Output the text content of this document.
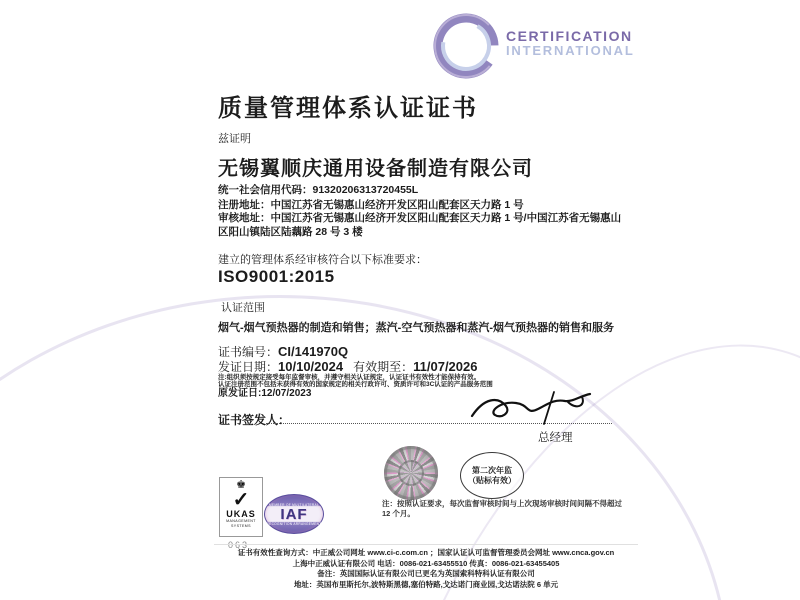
CERTIFICATION
INTERNATIONAL
质量管理体系认证证书
兹证明
无锡翼顺庆通用设备制造有限公司
统一社会信用代码：91320206313720455L
注册地址：中国江苏省无锡惠山经济开发区阳山配套区天力路 1 号
审核地址：中国江苏省无锡惠山经济开发区阳山配套区天力路 1 号/中国江苏省无锡惠山区阳山镇陆区陆藕路 28 号 3 楼
建立的管理体系经审核符合以下标准要求：
ISO9001:2015
认证范围
烟气-烟气预热器的制造和销售；蒸汽-空气预热器和蒸汽-烟气预热器的销售和服务
证书编号：CI/141970Q
发证日期：10/10/2024 有效期至：11/07/2026
注:组织须按规定接受每年监督审核，并遵守相关认证规定，认证证书有效性才能保持有效。
认证注册范围不包括未获得有效的国家规定的相关行政许可、资质许可和3C认证的产品服务范围
原发证日:12/07/2023
证书签发人：
总经理
第二次年监
（贴标有效）
注：按照认证要求，每次监督审核时间与上次现场审核时间间隔不得超过 12 个月。
♚
✓
UKAS
MANAGEMENT
SYSTEMS
063
MEMBER OF MULTILATERAL
IAF
RECOGNITION ARRANGEMENT
证书有效性查询方式：中正威公司网址 www.ci-c.com.cn ；国家认证认可监督管理委员会网址 www.cnca.gov.cn
上海中正威认证有限公司 电话：0086-021-63455510 传真：0086-021-63455405
备注：英国国际认证有限公司已更名为英国索科特科认证有限公司
地址：英国布里斯托尔,波特斯黑德,塞伯特路,戈达诺门商业园,戈达诺法院 6 单元
